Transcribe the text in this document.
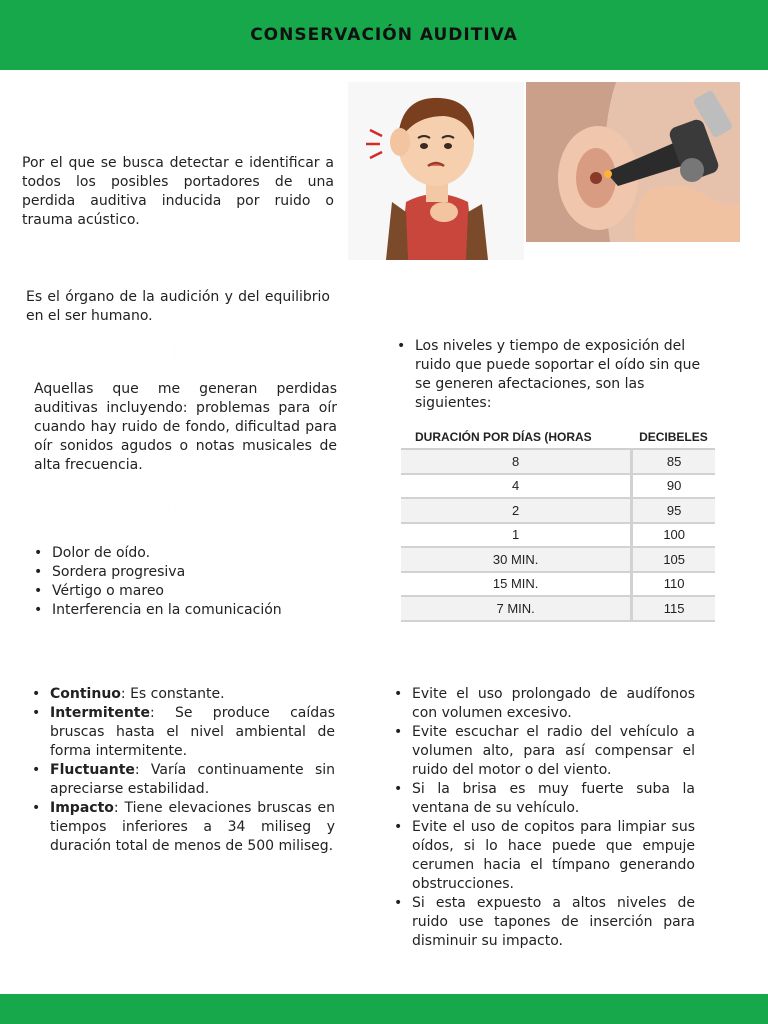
CONSERVACIÓN AUDITIVA
1. Que es el programa de conservación auditiva?

Por el que se busca detectar e identificar a todos los posibles portadores de una perdida auditiva inducida por ruido o trauma acústico.

2. Que es el oído?

Es el órgano de la audición y del equilibrio en el ser humano.

3. Que es una lesión auditiva?

Aquellas que me generan perdidas auditivas incluyendo: problemas para oír cuando hay ruido de fondo, dificultad para oír sonidos agudos o notas musicales de alta frecuencia.

4. Efectos auditivos:
• Dolor de oído.
• Sordera progresiva
• Vértigo o mareo
• Interferencia en la comunicación
5. Tipos de Ruido:
• Continuo: Es constante.
• Intermitente: Se produce caídas bruscas hasta el nivel ambiental de forma intermitente.
• Fluctuante: Varía continuamente sin apreciarse estabilidad.
• Impacto: Tiene elevaciones bruscas en tiempos inferiores a 34 miliseg y duración total de menos de 500 miliseg.
6. Nivel de decibeles :
• Los niveles y tiempo de exposición del ruido que puede soportar el oído sin que se generen afectaciones, son las siguientes:
DURACIÓN POR DÍAS (HORAS	DECIBELES
8	85
4	90
2	95
1	100
30 MIN.	105
15 MIN.	110
7 MIN.	115
7. Recomendaciones:
• Evite el uso prolongado de audífonos con volumen excesivo.
• Evite escuchar el radio del vehículo a volumen alto, para así compensar el ruido del motor o del viento.
• Si la brisa es muy fuerte suba la ventana de su vehículo.
• Evite el uso de copitos para limpiar sus oídos, si lo hace puede que empuje cerumen hacia el tímpano generando obstrucciones.
• Si esta expuesto a altos niveles de ruido use tapones de inserción para disminuir su impacto.
